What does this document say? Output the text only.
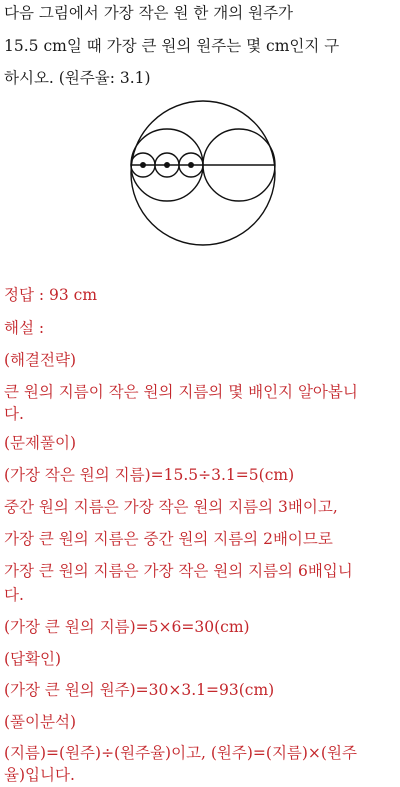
다음 그림에서 가장 작은 원 한 개의 원주가
15.5 cm일 때 가장 큰 원의 원주는 몇 cm인지 구
하시오. (원주율: 3.1)
정답 : 93 cm
해설 :
(해결전략)
큰 원의 지름이 작은 원의 지름의 몇 배인지 알아봅니
다.
(문제풀이)
(가장 작은 원의 지름)=15.5÷3.1=5(cm)
중간 원의 지름은 가장 작은 원의 지름의 3배이고,
가장 큰 원의 지름은 중간 원의 지름의 2배이므로
가장 큰 원의 지름은 가장 작은 원의 지름의 6배입니
다.
(가장 큰 원의 지름)=5×6=30(cm)
(답확인)
(가장 큰 원의 원주)=30×3.1=93(cm)
(풀이분석)
(지름)=(원주)÷(원주율)이고, (원주)=(지름)×(원주
율)입니다.
